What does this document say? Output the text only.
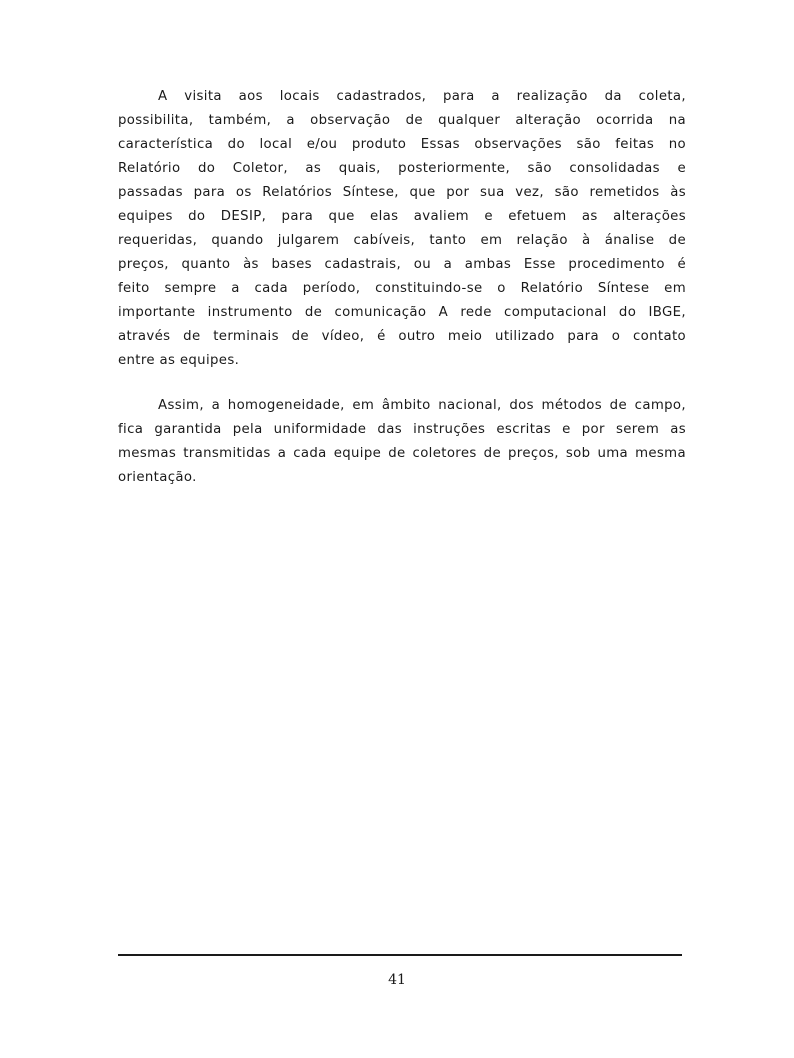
A visita aos locais cadastrados, para a realização da coleta,
possibilita, também, a observação de qualquer alteração ocorrida na
característica do local e/ou produto Essas observações são feitas no
Relatório do Coletor, as quais, posteriormente, são consolidadas e
passadas para os Relatórios Síntese, que por sua vez, são remetidos às
equipes do DESIP, para que elas avaliem e efetuem as alterações
requeridas, quando julgarem cabíveis, tanto em relação à ánalise de
preços, quanto às bases cadastrais, ou a ambas Esse procedimento é
feito sempre a cada período, constituindo-se o Relatório Síntese em
importante instrumento de comunicação A rede computacional do IBGE,
através de terminais de vídeo, é outro meio utilizado para o contato
entre as equipes.
Assim, a homogeneidade, em âmbito nacional, dos métodos de campo,
fica garantida pela uniformidade das instruções escritas e por serem as
mesmas transmitidas a cada equipe de coletores de preços, sob uma mesma
orientação.
41
